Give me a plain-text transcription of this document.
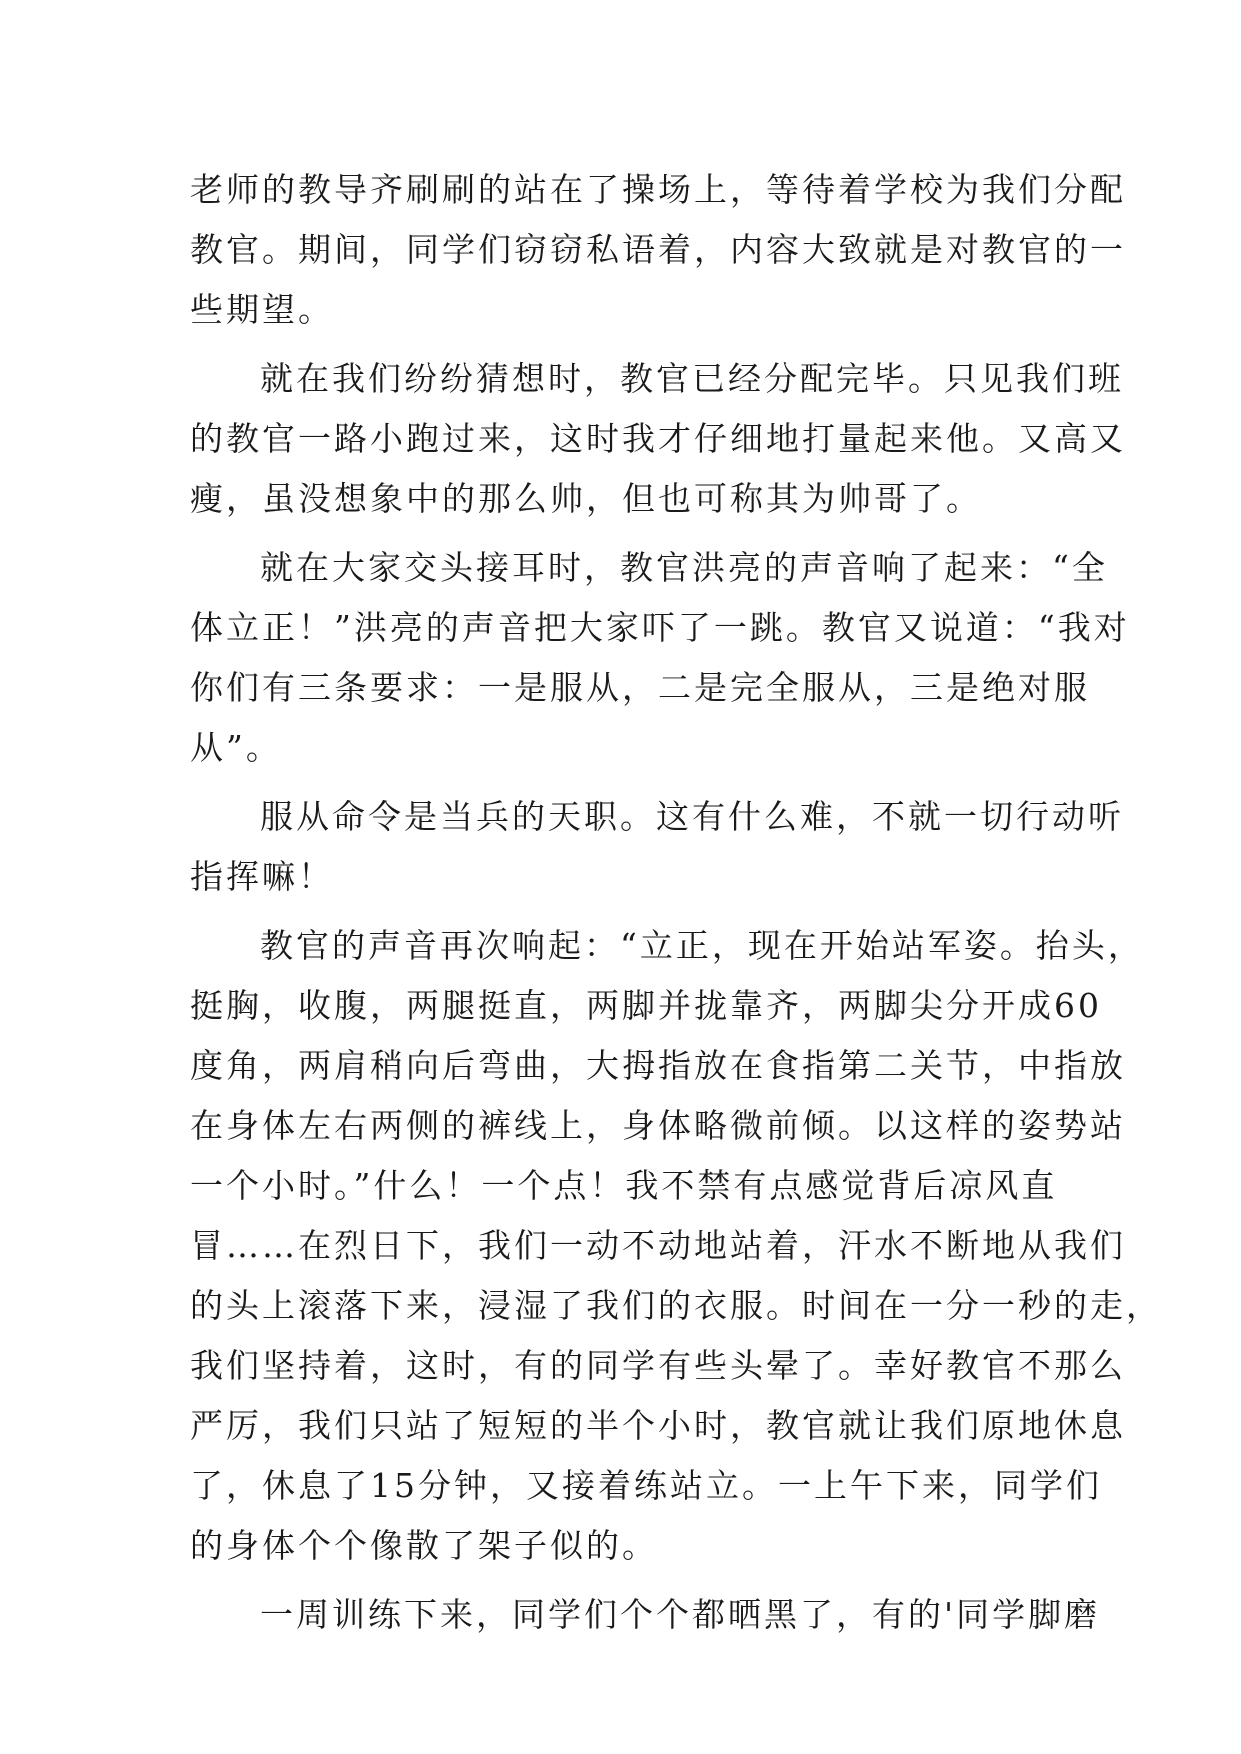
老师的教导齐刷刷的站在了操场上，等待着学校为我们分配
教官。期间，同学们窃窃私语着，内容大致就是对教官的一
些期望。
就在我们纷纷猜想时，教官已经分配完毕。只见我们班
的教官一路小跑过来，这时我才仔细地打量起来他。又高又
瘦，虽没想象中的那么帅，但也可称其为帅哥了。
就在大家交头接耳时，教官洪亮的声音响了起来：“全
体立正！”洪亮的声音把大家吓了一跳。教官又说道：“我对
你们有三条要求：一是服从，二是完全服从，三是绝对服
从”。
服从命令是当兵的天职。这有什么难，不就一切行动听
指挥嘛！
教官的声音再次响起：“立正，现在开始站军姿。抬头，
挺胸，收腹，两腿挺直，两脚并拢靠齐，两脚尖分开成60
度角，两肩稍向后弯曲，大拇指放在食指第二关节，中指放
在身体左右两侧的裤线上，身体略微前倾。以这样的姿势站
一个小时。”什么！一个点！我不禁有点感觉背后凉风直
冒……在烈日下，我们一动不动地站着，汗水不断地从我们
的头上滚落下来，浸湿了我们的衣服。时间在一分一秒的走，
我们坚持着，这时，有的同学有些头晕了。幸好教官不那么
严厉，我们只站了短短的半个小时，教官就让我们原地休息
了，休息了15分钟，又接着练站立。一上午下来，同学们
的身体个个像散了架子似的。
一周训练下来，同学们个个都晒黑了，有的'同学脚磨
